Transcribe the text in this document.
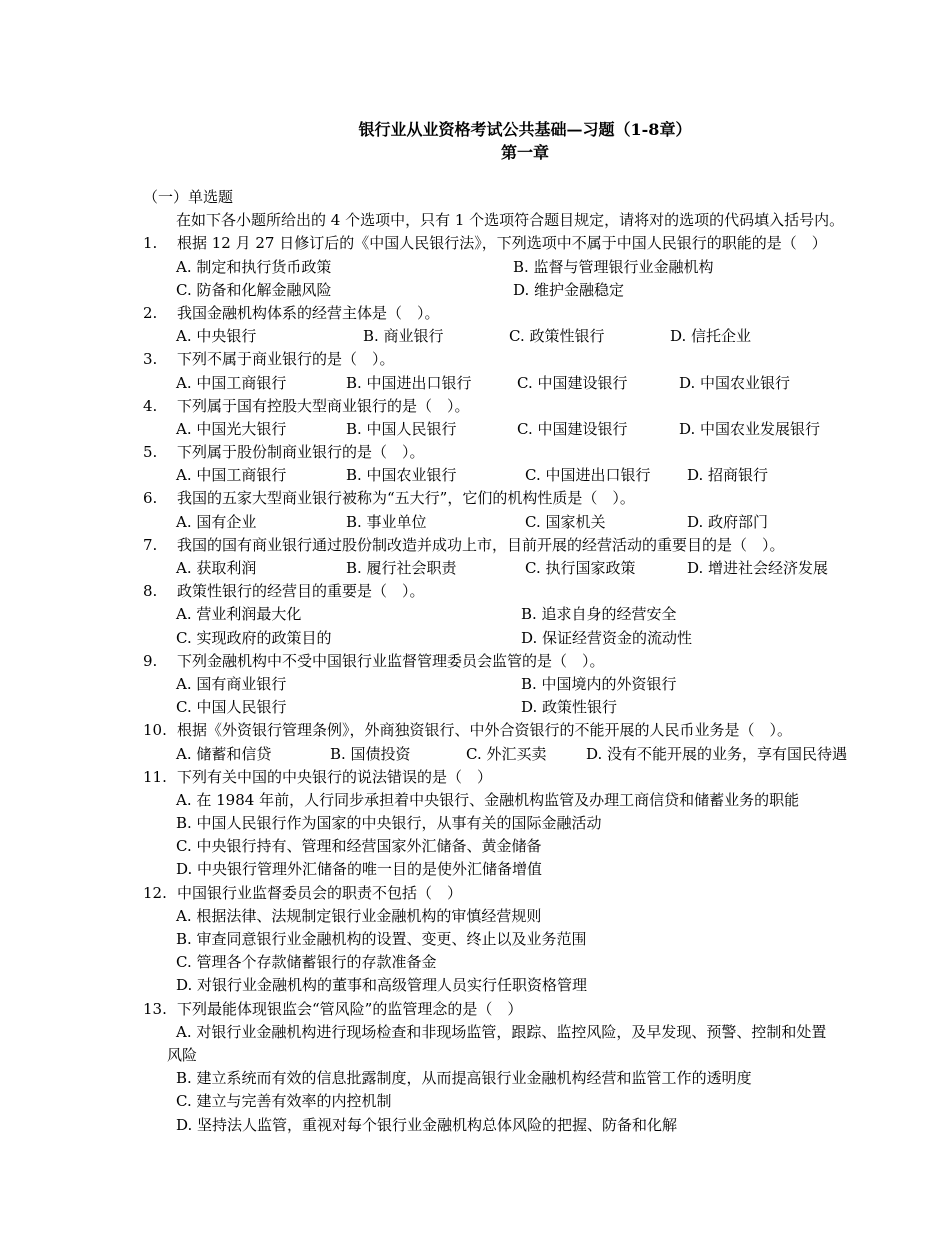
银行业从业资格考试公共基础—习题（1-8章）
第一章
（一）单选题
在如下各小题所给出的 4 个选项中，只有 1 个选项符合题目规定，请将对的选项的代码填入括号内。
1. 根据 12 月 27 日修订后的《中国人民银行法》，下列选项中不属于中国人民银行的职能的是（　）
A. 制定和执行货币政策	B. 监督与管理银行业金融机构
C. 防备和化解金融风险	D. 维护金融稳定
2. 我国金融机构体系的经营主体是（　）。
A. 中央银行	B. 商业银行	C. 政策性银行	D. 信托企业
3. 下列不属于商业银行的是（　）。
A. 中国工商银行	B. 中国进出口银行	C. 中国建设银行	D. 中国农业银行
4. 下列属于国有控股大型商业银行的是（　）。
A. 中国光大银行	B. 中国人民银行	C. 中国建设银行	D. 中国农业发展银行
5. 下列属于股份制商业银行的是（　）。
A. 中国工商银行	B. 中国农业银行	C. 中国进出口银行 D. 招商银行
6. 我国的五家大型商业银行被称为“五大行”，它们的机构性质是（　）。
A. 国有企业	B. 事业单位	C. 国家机关	D. 政府部门
7. 我国的国有商业银行通过股份制改造并成功上市，目前开展的经营活动的重要目的是（　）。
A. 获取利润	B. 履行社会职责	C. 执行国家政策	D. 增进社会经济发展
8. 政策性银行的经营目的重要是（　）。
A. 营业利润最大化	B. 追求自身的经营安全
C. 实现政府的政策目的	D. 保证经营资金的流动性
9. 下列金融机构中不受中国银行业监督管理委员会监管的是（　）。
A. 国有商业银行	B. 中国境内的外资银行
C. 中国人民银行	D. 政策性银行
10. 根据《外资银行管理条例》，外商独资银行、中外合资银行的不能开展的人民币业务是（　）。
A. 储蓄和信贷	B. 国债投资	C. 外汇买卖	D. 没有不能开展的业务，享有国民待遇
11. 下列有关中国的中央银行的说法错误的是（　）
A. 在 1984 年前，人行同步承担着中央银行、金融机构监管及办理工商信贷和储蓄业务的职能
B. 中国人民银行作为国家的中央银行，从事有关的国际金融活动
C. 中央银行持有、管理和经营国家外汇储备、黄金储备
D. 中央银行管理外汇储备的唯一目的是使外汇储备增值
12. 中国银行业监督委员会的职责不包括（　）
A. 根据法律、法规制定银行业金融机构的审慎经营规则
B. 审查同意银行业金融机构的设置、变更、终止以及业务范围
C. 管理各个存款储蓄银行的存款准备金
D. 对银行业金融机构的董事和高级管理人员实行任职资格管理
13. 下列最能体现银监会“管风险”的监管理念的是（　）
A. 对银行业金融机构进行现场检查和非现场监管，跟踪、监控风险，及早发现、预警、控制和处置
风险
B. 建立系统而有效的信息批露制度，从而提高银行业金融机构经营和监管工作的透明度
C. 建立与完善有效率的内控机制
D. 坚持法人监管，重视对每个银行业金融机构总体风险的把握、防备和化解
